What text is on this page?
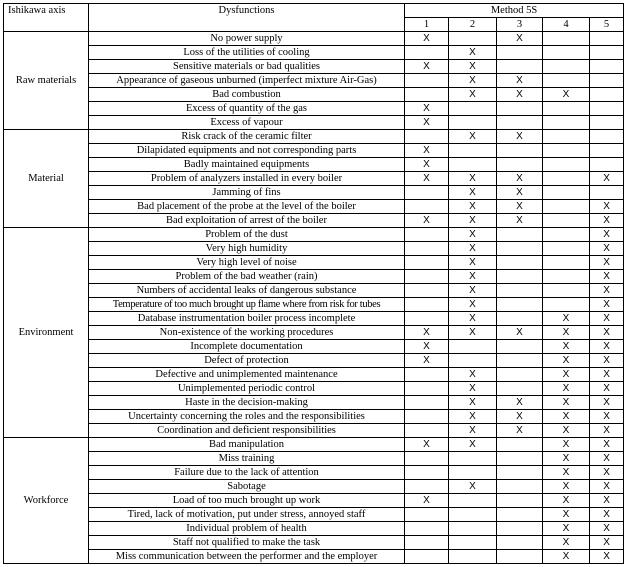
Ishikawa axis	Dysfunctions	Method 5S				
		1	2	3	4	5
Raw materials	No power supply	X		X		
	Loss of the utilities of cooling		X			
	Sensitive materials or bad qualities	X	X			
	Appearance of gaseous unburned (imperfect mixture Air-Gas)		X	X		
	Bad combustion		X	X	X	
	Excess of quantity of the gas	X				
	Excess of vapour	X				
Material	Risk crack of the ceramic filter		X	X		
	Dilapidated equipments and not corresponding parts	X				
	Badly maintained equipments	X				
	Problem of analyzers installed in every boiler	X	X	X		X
	Jamming of fins		X	X		
	Bad placement of the probe at the level of the boiler		X	X		X
	Bad exploitation of arrest of the boiler	X	X	X		X
Environment	Problem of the dust		X			X
	Very high humidity		X			X
	Very high level of noise		X			X
	Problem of the bad weather (rain)		X			X
	Numbers of accidental leaks of dangerous substance		X			X
	Temperature of too much brought up flame where from risk for tubes		X			X
	Database instrumentation boiler process incomplete		X		X	X
	Non-existence of the working procedures	X	X	X	X	X
	Incomplete documentation	X			X	X
	Defect of protection	X			X	X
	Defective and unimplemented maintenance		X		X	X
	Unimplemented periodic control		X		X	X
	Haste in the decision-making		X	X	X	X
	Uncertainty concerning the roles and the responsibilities		X	X	X	X
	Coordination and deficient responsibilities		X	X	X	X
Workforce	Bad manipulation	X	X		X	X
	Miss training				X	X
	Failure due to the lack of attention				X	X
	Sabotage		X		X	X
	Load of too much brought up work	X			X	X
	Tired, lack of motivation, put under stress, annoyed staff				X	X
	Individual problem of health				X	X
	Staff not qualified to make the task				X	X
	Miss communication between the performer and the employer				X	X
